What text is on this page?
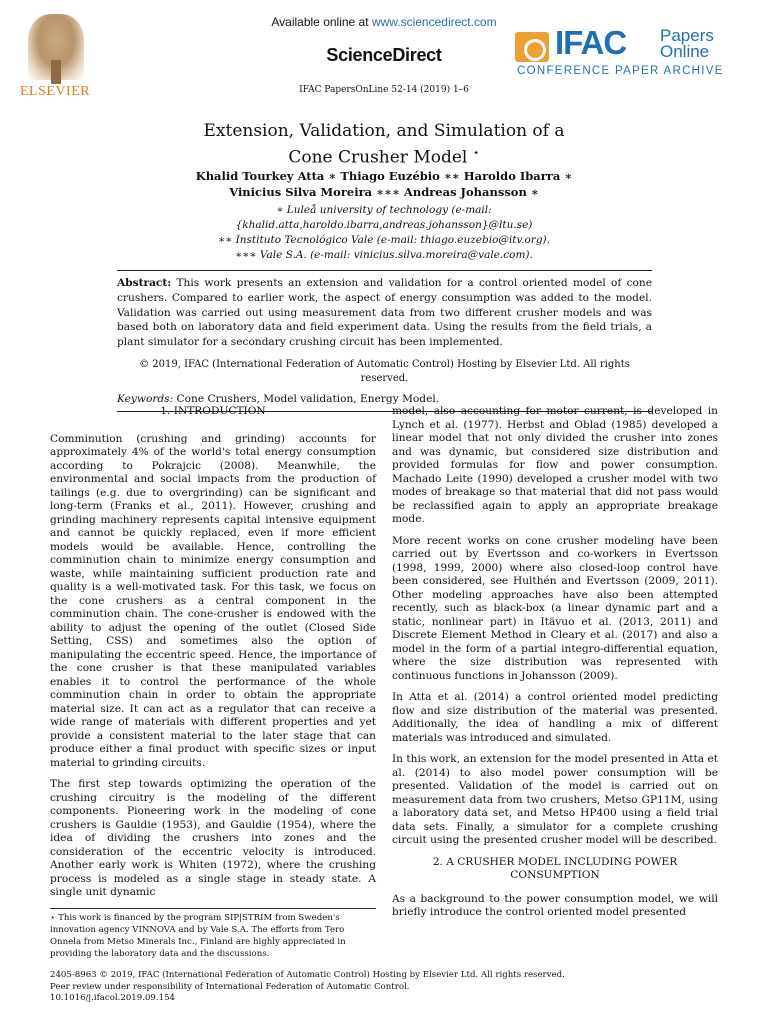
ELSEVIER
Available online at www.sciencedirect.com
ScienceDirect
IFAC PapersOnLine 52-14 (2019) 1–6
IFAC Papers
Online
CONFERENCE PAPER ARCHIVE
Extension, Validation, and Simulation of a
Cone Crusher Model ⋆
Khalid Tourkey Atta ∗ Thiago Euzébio ∗∗ Haroldo Ibarra ∗
Vinicius Silva Moreira ∗∗∗ Andreas Johansson ∗
∗ Luleå university of technology (e-mail:
{khalid.atta,haroldo.ibarra,andreas.johansson}@ltu.se)
∗∗ Instituto Tecnológico Vale (e-mail: thiago.euzebio@itv.org).
∗∗∗ Vale S.A. (e-mail: vinicius.silva.moreira@vale.com).
Abstract: This work presents an extension and validation for a control oriented model of cone crushers. Compared to earlier work, the aspect of energy consumption was added to the model. Validation was carried out using measurement data from two different crusher models and was based both on laboratory data and field experiment data. Using the results from the field trials, a plant simulator for a secondary crushing circuit has been implemented.
© 2019, IFAC (International Federation of Automatic Control) Hosting by Elsevier Ltd. All rights reserved.
Keywords: Cone Crushers, Model validation, Energy Model.
1. INTRODUCTION

Comminution (crushing and grinding) accounts for approximately 4% of the world's total energy consumption according to Pokrajcic (2008). Meanwhile, the environmental and social impacts from the production of tailings (e.g. due to overgrinding) can be significant and long-term (Franks et al., 2011). However, crushing and grinding machinery represents capital intensive equipment and cannot be quickly replaced, even if more efficient models would be available. Hence, controlling the comminution chain to minimize energy consumption and waste, while maintaining sufficient production rate and quality is a well-motivated task. For this task, we focus on the cone crushers as a central component in the comminution chain. The cone-crusher is endowed with the ability to adjust the opening of the outlet (Closed Side Setting, CSS) and sometimes also the option of manipulating the eccentric speed. Hence, the importance of the cone crusher is that these manipulated variables enables it to control the performance of the whole comminution chain in order to obtain the appropriate material size. It can act as a regulator that can receive a wide range of materials with different properties and yet provide a consistent material to the later stage that can produce either a final product with specific sizes or input material to grinding circuits.

The first step towards optimizing the operation of the crushing circuitry is the modeling of the different components. Pioneering work in the modeling of cone crushers is Gauldie (1953), and Gauldie (1954), where the idea of dividing the crushers into zones and the consideration of the eccentric velocity is introduced. Another early work is Whiten (1972), where the crushing process is modeled as a single stage in steady state. A single unit dynamic

⋆ This work is financed by the program SIP|STRIM from Sweden's innovation agency VINNOVA and by Vale S.A. The efforts from Tero Onnela from Metso Minerals Inc., Finland are highly appreciated in providing the laboratory data and the discussions.

model, also accounting for motor current, is developed in Lynch et al. (1977). Herbst and Oblad (1985) developed a linear model that not only divided the crusher into zones and was dynamic, but considered size distribution and provided formulas for flow and power consumption. Machado Leite (1990) developed a crusher model with two modes of breakage so that material that did not pass would be reclassified again to apply an appropriate breakage mode.

More recent works on cone crusher modeling have been carried out by Evertsson and co-workers in Evertsson (1998, 1999, 2000) where also closed-loop control have been considered, see Hulthén and Evertsson (2009, 2011). Other modeling approaches have also been attempted recently, such as black-box (a linear dynamic part and a static, nonlinear part) in Itävuo et al. (2013, 2011) and Discrete Element Method in Cleary et al. (2017) and also a model in the form of a partial integro-differential equation, where the size distribution was represented with continuous functions in Johansson (2009).

In Atta et al. (2014) a control oriented model predicting flow and size distribution of the material was presented. Additionally, the idea of handling a mix of different materials was introduced and simulated.

In this work, an extension for the model presented in Atta et al. (2014) to also model power consumption will be presented. Validation of the model is carried out on measurement data from two crushers, Metso GP11M, using a laboratory data set, and Metso HP400 using a field trial data sets. Finally, a simulator for a complete crushing circuit using the presented crusher model will be described.

2. A CRUSHER MODEL INCLUDING POWER
CONSUMPTION

As a background to the power consumption model, we will briefly introduce the control oriented model presented

2405-8963 © 2019, IFAC (International Federation of Automatic Control) Hosting by Elsevier Ltd. All rights reserved.
Peer review under responsibility of International Federation of Automatic Control.
10.1016/j.ifacol.2019.09.154
